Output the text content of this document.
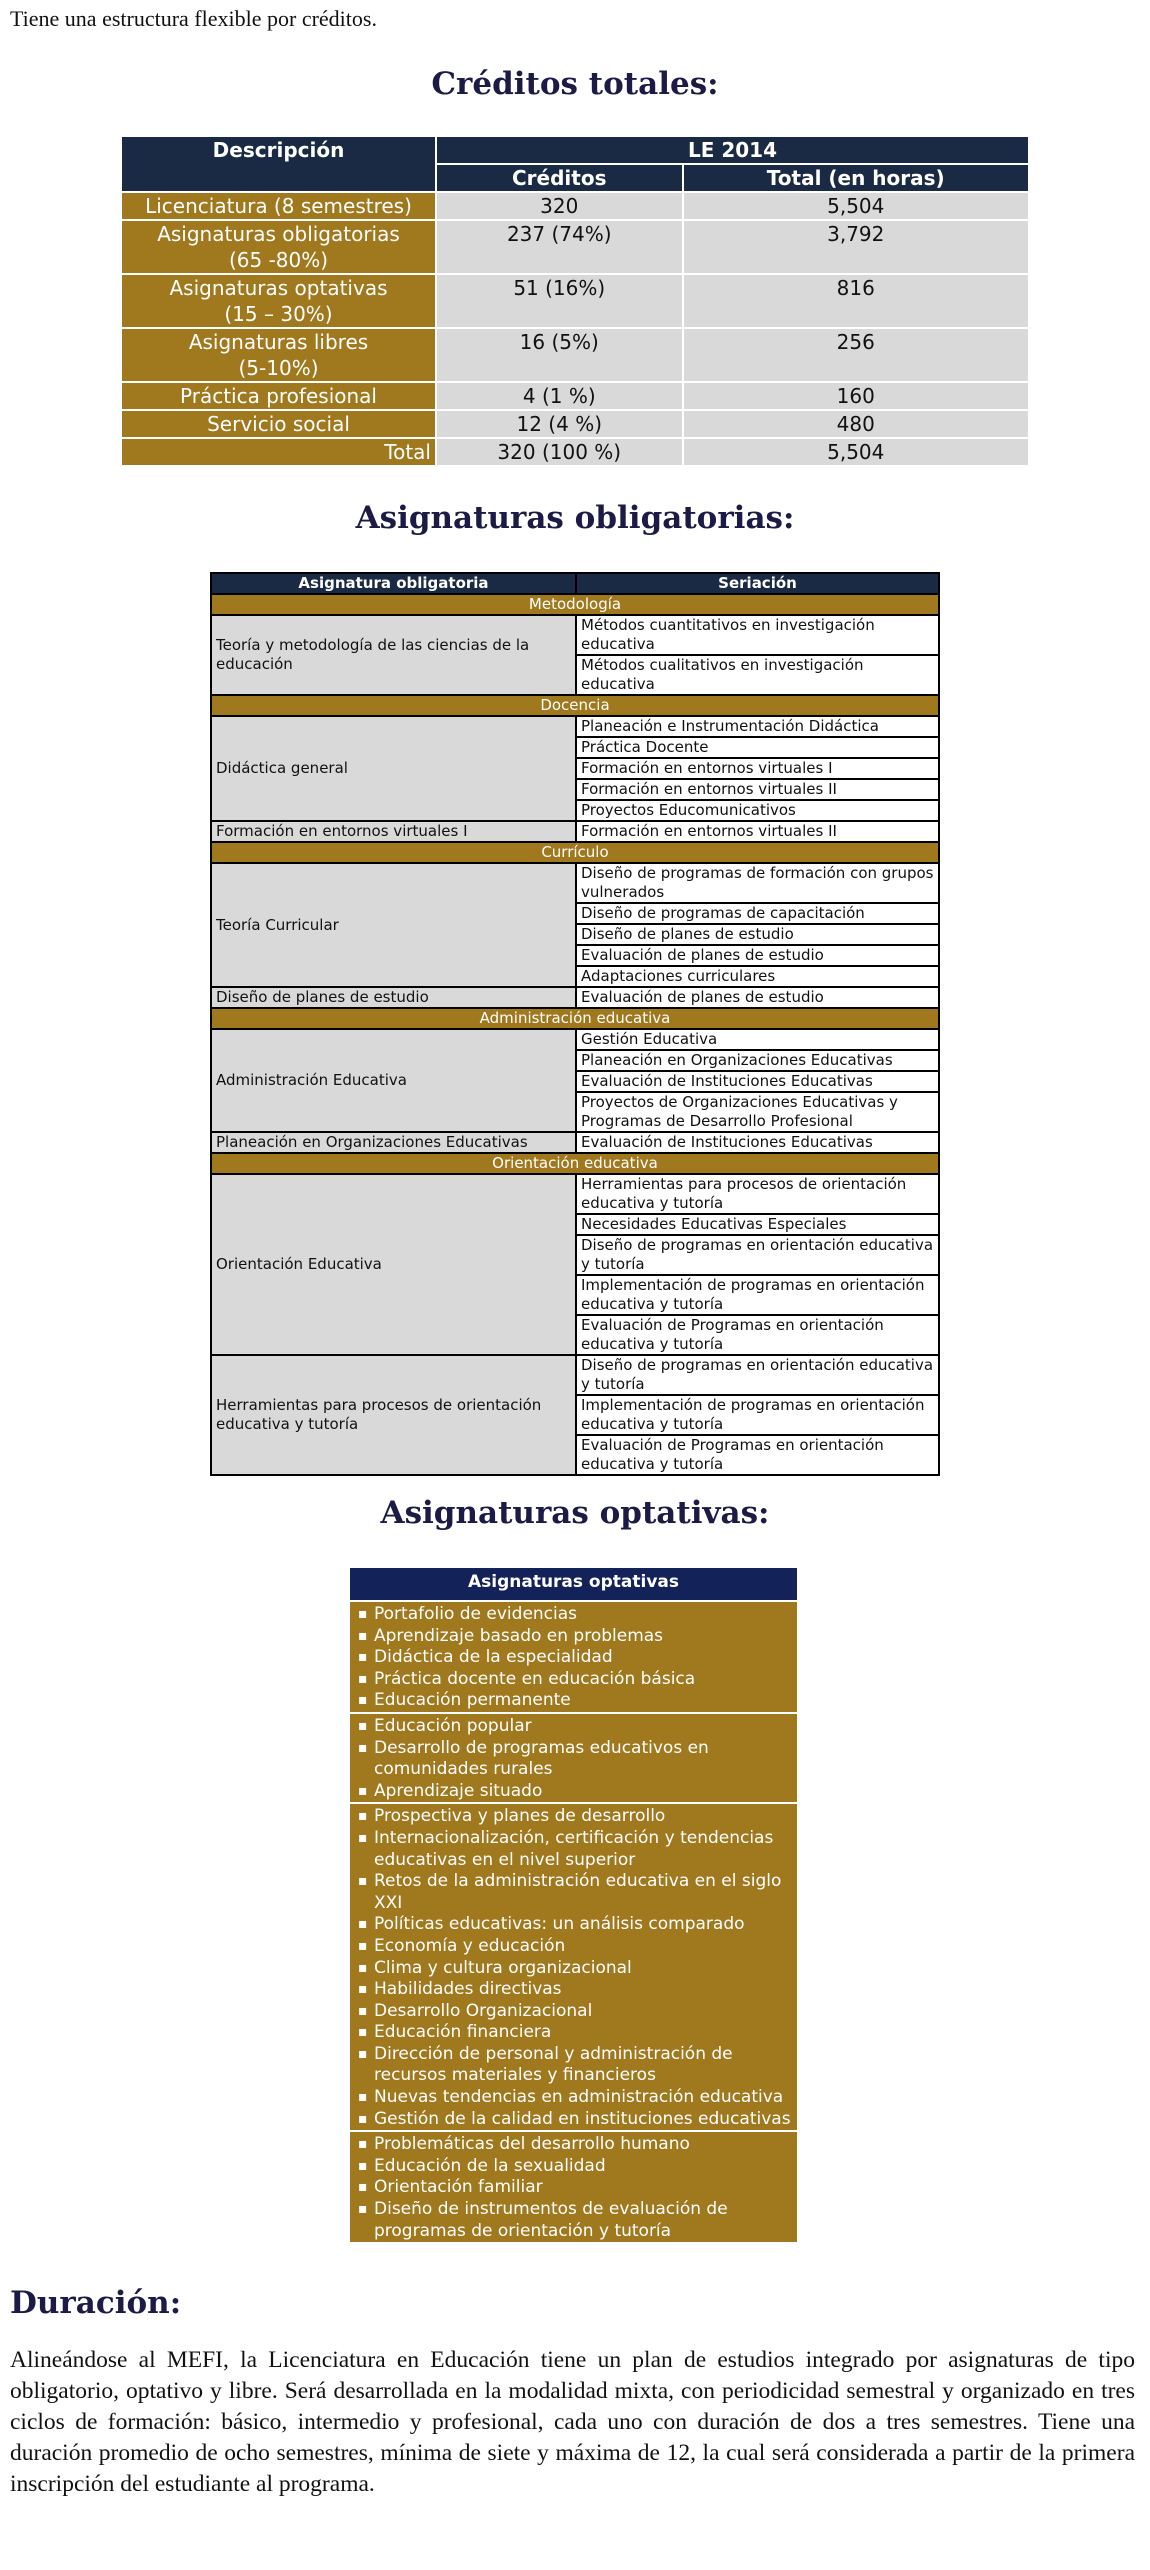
Tiene una estructura flexible por créditos.
Créditos totales:
Descripción	LE 2014	
	Créditos	Total (en horas)
Licenciatura (8 semestres)	320	5,504
Asignaturas obligatorias
(65 -80%)	237 (74%)	3,792
Asignaturas optativas
(15 – 30%)	51 (16%)	816
Asignaturas libres
(5-10%)	16 (5%)	256
Práctica profesional	4 (1 %)	160
Servicio social	12 (4 %)	480
Total	320 (100 %)	5,504
Asignaturas obligatorias:
Asignatura obligatoria	Seriación
Metodología	
Teoría y metodología de las ciencias de la educación	Métodos cuantitativos en investigación educativa
	Métodos cualitativos en investigación educativa
Docencia	
Didáctica general	Planeación e Instrumentación Didáctica
	Práctica Docente
	Formación en entornos virtuales I
	Formación en entornos virtuales II
	Proyectos Educomunicativos
Formación en entornos virtuales I	Formación en entornos virtuales II
Currículo	
Teoría Curricular	Diseño de programas de formación con grupos vulnerados
	Diseño de programas de capacitación
	Diseño de planes de estudio
	Evaluación de planes de estudio
	Adaptaciones curriculares
Diseño de planes de estudio	Evaluación de planes de estudio
Administración educativa	
Administración Educativa	Gestión Educativa
	Planeación en Organizaciones Educativas
	Evaluación de Instituciones Educativas
	Proyectos de Organizaciones Educativas y Programas de Desarrollo Profesional
Planeación en Organizaciones Educativas	Evaluación de Instituciones Educativas
Orientación educativa	
Orientación Educativa	Herramientas para procesos de orientación educativa y tutoría
	Necesidades Educativas Especiales
	Diseño de programas en orientación educativa y tutoría
	Implementación de programas en orientación educativa y tutoría
	Evaluación de Programas en orientación educativa y tutoría
Herramientas para procesos de orientación educativa y tutoría	Diseño de programas en orientación educativa y tutoría
	Implementación de programas en orientación educativa y tutoría
	Evaluación de Programas en orientación educativa y tutoría
Asignaturas optativas:
Asignaturas optativas
▪ Portafolio de evidencias
▪ Aprendizaje basado en problemas
▪ Didáctica de la especialidad
▪ Práctica docente en educación básica
▪ Educación permanente
▪ Educación popular
▪ Desarrollo de programas educativos en comunidades rurales
▪ Aprendizaje situado
▪ Prospectiva y planes de desarrollo
▪ Internacionalización, certificación y tendencias educativas en el nivel superior
▪ Retos de la administración educativa en el siglo XXI
▪ Políticas educativas: un análisis comparado
▪ Economía y educación
▪ Clima y cultura organizacional
▪ Habilidades directivas
▪ Desarrollo Organizacional
▪ Educación financiera
▪ Dirección de personal y administración de recursos materiales y financieros
▪ Nuevas tendencias en administración educativa
▪ Gestión de la calidad en instituciones educativas
▪ Problemáticas del desarrollo humano
▪ Educación de la sexualidad
▪ Orientación familiar
▪ Diseño de instrumentos de evaluación de programas de orientación y tutoría
Duración:

Alineándose al MEFI, la Licenciatura en Educación tiene un plan de estudios integrado por asignaturas de tipo obligatorio, optativo y libre. Será desarrollada en la modalidad mixta, con periodicidad semestral y organizado en tres ciclos de formación: básico, intermedio y profesional, cada uno con duración de dos a tres semestres. Tiene una duración promedio de ocho semestres, mínima de siete y máxima de 12, la cual será considerada a partir de la primera inscripción del estudiante al programa.
